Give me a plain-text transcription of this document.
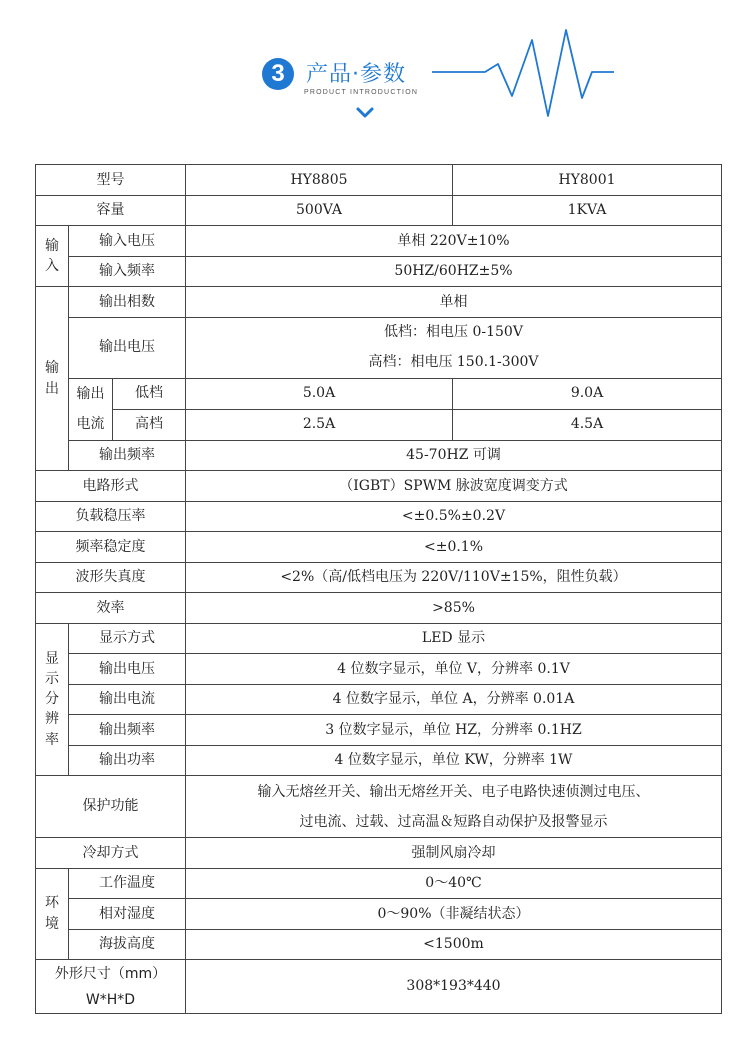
3 产品·参数
PRODUCT INTRODUCTION
型号			HY8805	HY8001
容量			500VA	1KVA

输
入	输入电压		单相 220V±10%	
	输入频率		50HZ/60HZ±5%	

输
出	输出相数		单相	
	输出电压		低档：相电压 0-150V	
			高档：相电压 150.1-300V	

	输出
电流	低档	5.0A	9.0A
		高档	2.5A	4.5A
	输出频率		45-70HZ 可调	
电路形式			（IGBT）SPWM 脉波宽度调变方式	
负载稳压率			<±0.5%±0.2V	
频率稳定度			<±0.1%	
波形失真度			<2%（高/低档电压为 220V/110V±15%，阻性负载）	
效率			>85%	

显
示
分
辨
率	显示方式		LED 显示	
	输出电压		4 位数字显示，单位 V，分辨率 0.1V	
	输出电流		4 位数字显示，单位 A，分辨率 0.01A	
	输出频率		3 位数字显示，单位 HZ，分辨率 0.1HZ	
	输出功率		4 位数字显示，单位 KW，分辨率 1W	
保护功能			输入无熔丝开关、输出无熔丝开关、电子电路快速侦测过电压、
过电流、过载、过高温＆短路自动保护及报警显示	

冷却方式			强制风扇冷却	

环
境	工作温度		0～40℃	
	相对湿度		0～90%（非凝结状态）	
	海拔高度		<1500m	

外形尺寸（mm）
W*H*D			308*193*440	
